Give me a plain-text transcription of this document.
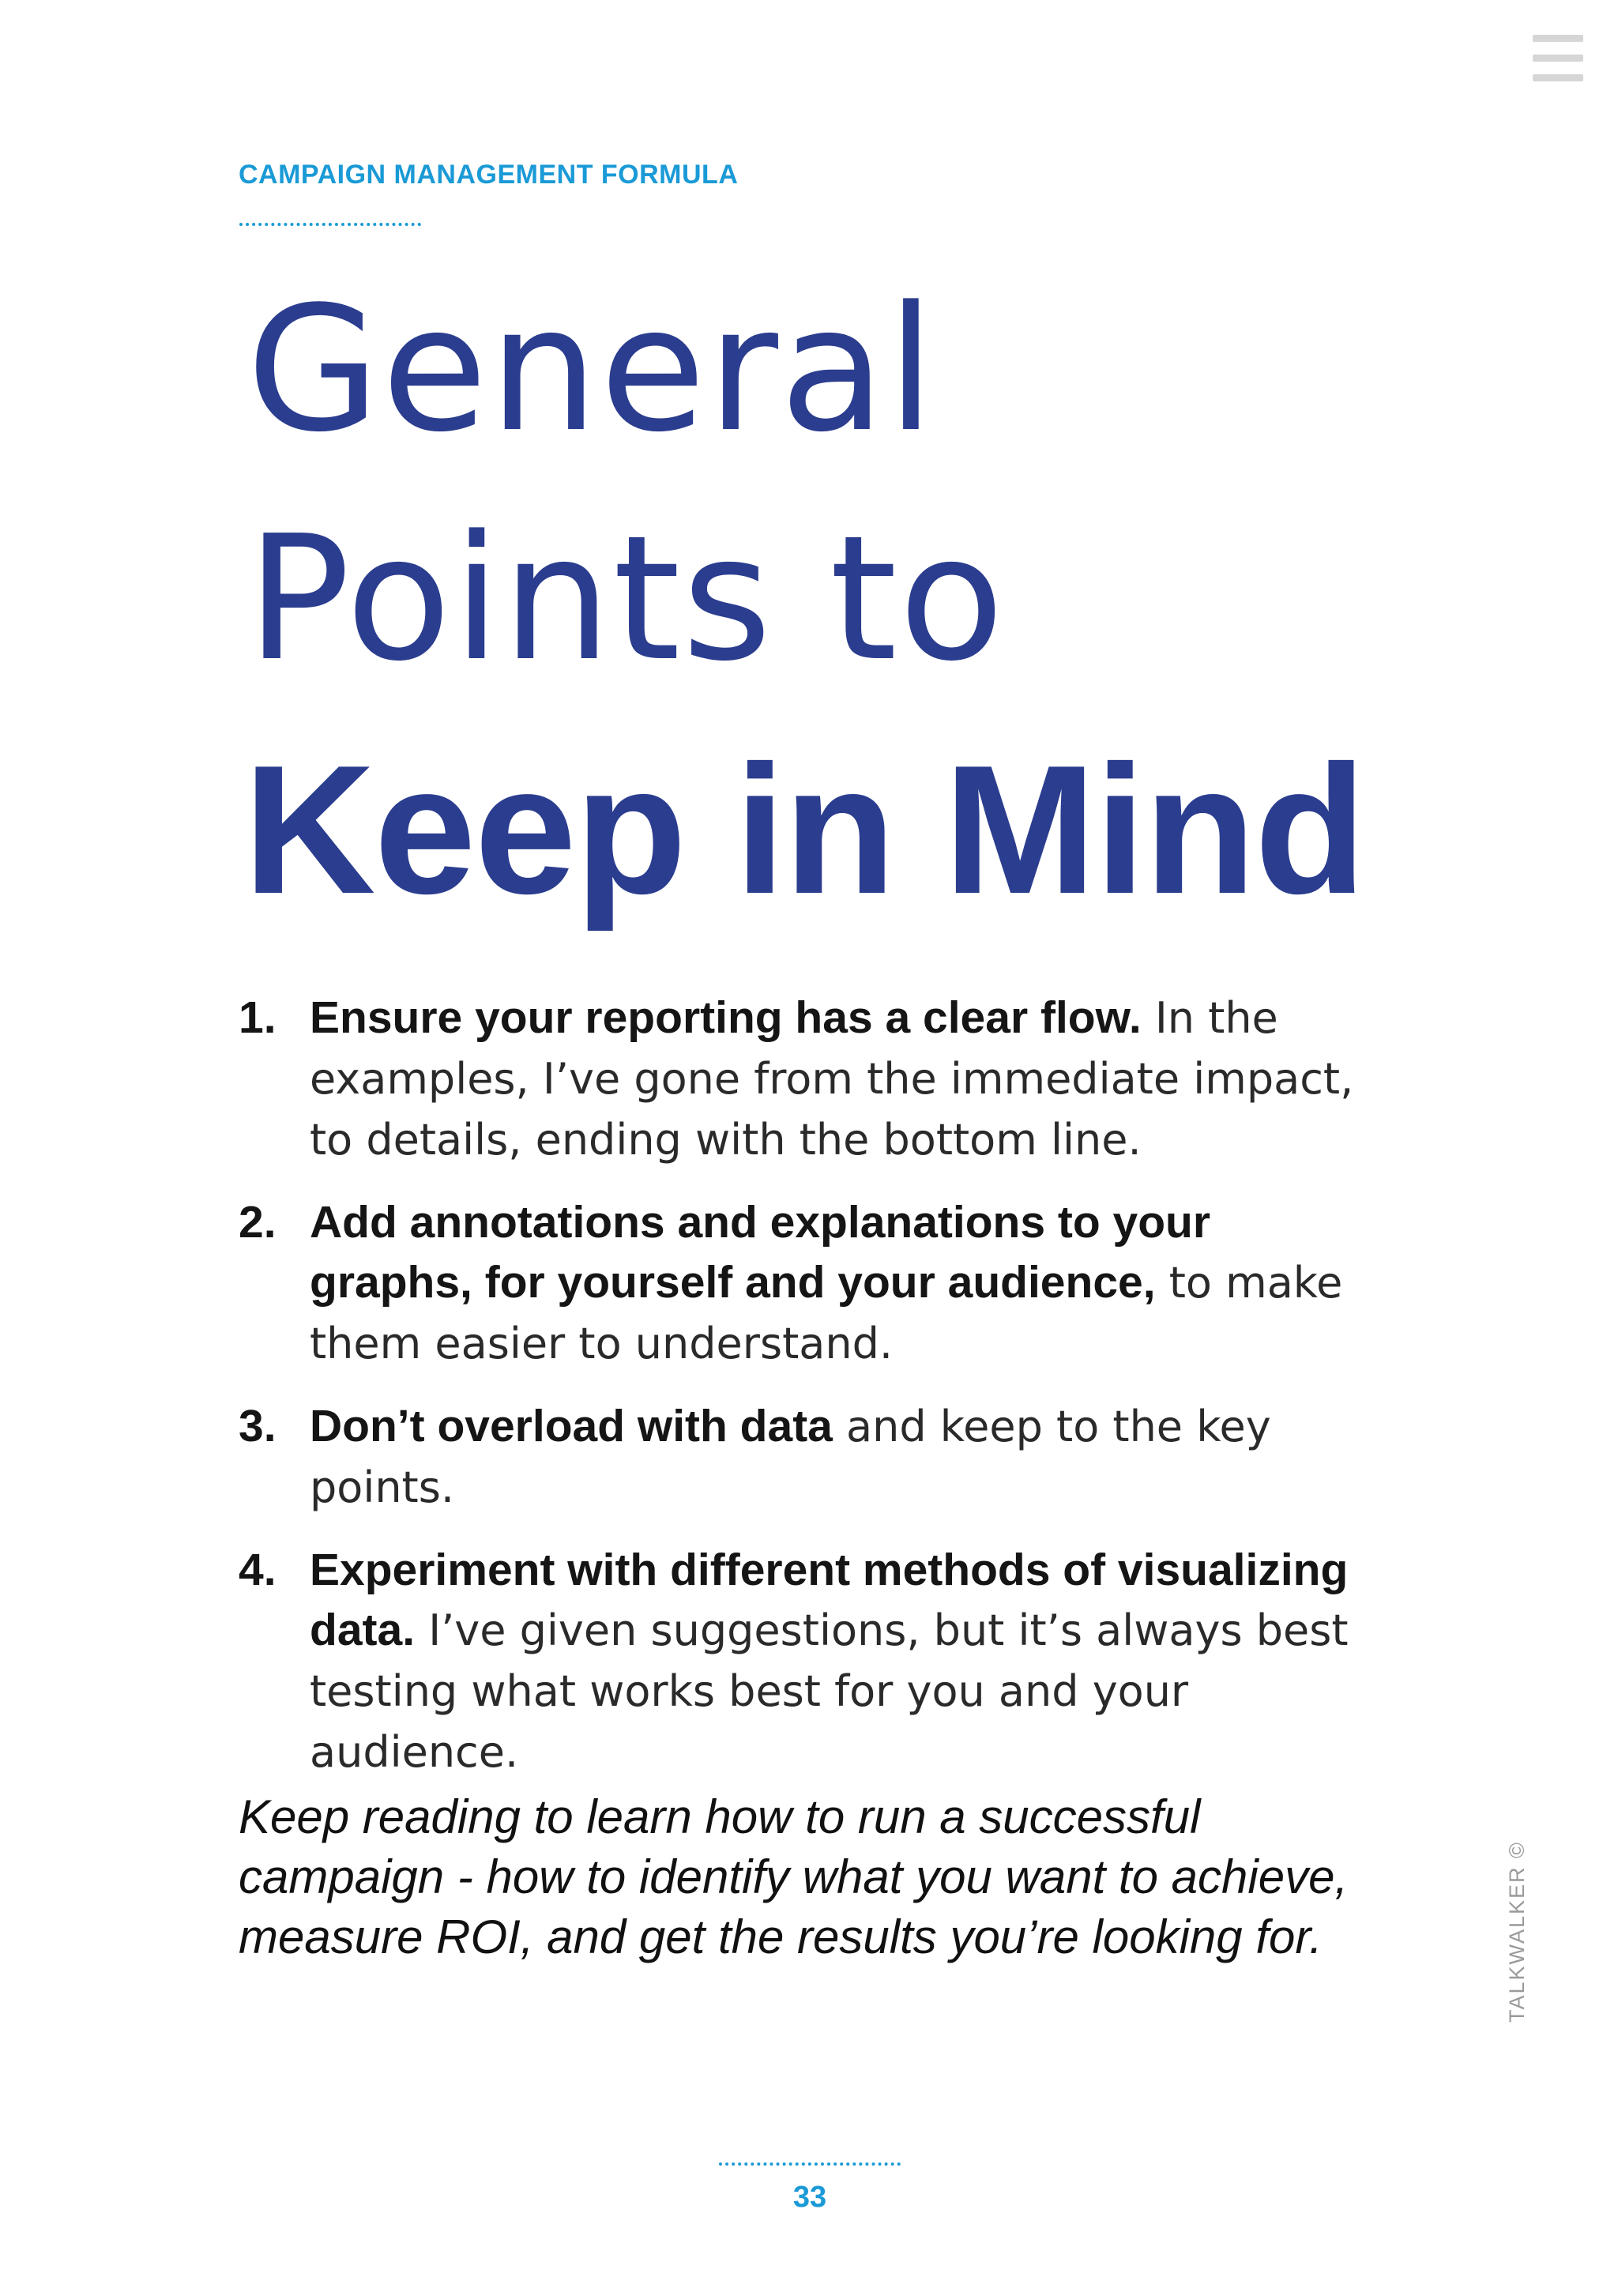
CAMPAIGN MANAGEMENT FORMULA
General
Points to
Keep in Mind
1. Ensure your reporting has a clear flow. In the examples, I’ve gone from the immediate impact, to details, ending with the bottom line.
2. Add annotations and explanations to your graphs, for yourself and your audience, to make them easier to understand.
3. Don’t overload with data and keep to the key points.
4. Experiment with different methods of visualizing data. I’ve given suggestions, but it’s always best testing what works best for you and your audience.
Keep reading to learn how to run a successful campaign - how to identify what you want to achieve, measure ROI, and get the results you’re looking for.	TALKWALKER ©
33
